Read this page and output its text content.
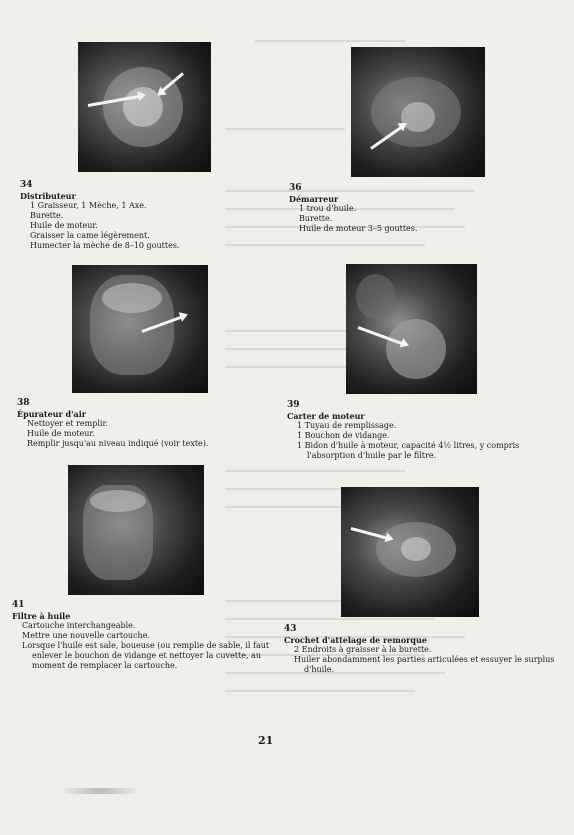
34
Distributeur
1 Graisseur, 1 Mèche, 1 Axe.
Burette.
Huile de moteur.
Graisser la came légèrement.
Humecter la mèche de 8–10 gouttes.
36
Démarreur
1 trou d'huile.
Burette.
Huile de moteur 3–5 gouttes.
38
Épurateur d'air
Nettoyer et remplir.
Huile de moteur.
Remplir jusqu'au niveau indiqué (voir texte).
39
Carter de moteur
1 Tuyau de remplissage.
1 Bouchon de vidange.
1 Bidon d'huile à moteur, capacité 4½ litres, y compris l'absorption d'huile par le filtre.
41
Filtre à huile
Cartouche interchangeable.
Mettre une nouvelle cartouche.
Lorsque l'huile est sale, boueuse (ou remplie de sable, il faut enlever le bouchon de vidange et nettoyer la cuvette, au moment de remplacer la cartouche.
43
Crochet d'attelage de remorque
2 Endroits à graisser à la burette.
Huiler abondamment les parties articulées et essuyer le surplus d'huile.
21
